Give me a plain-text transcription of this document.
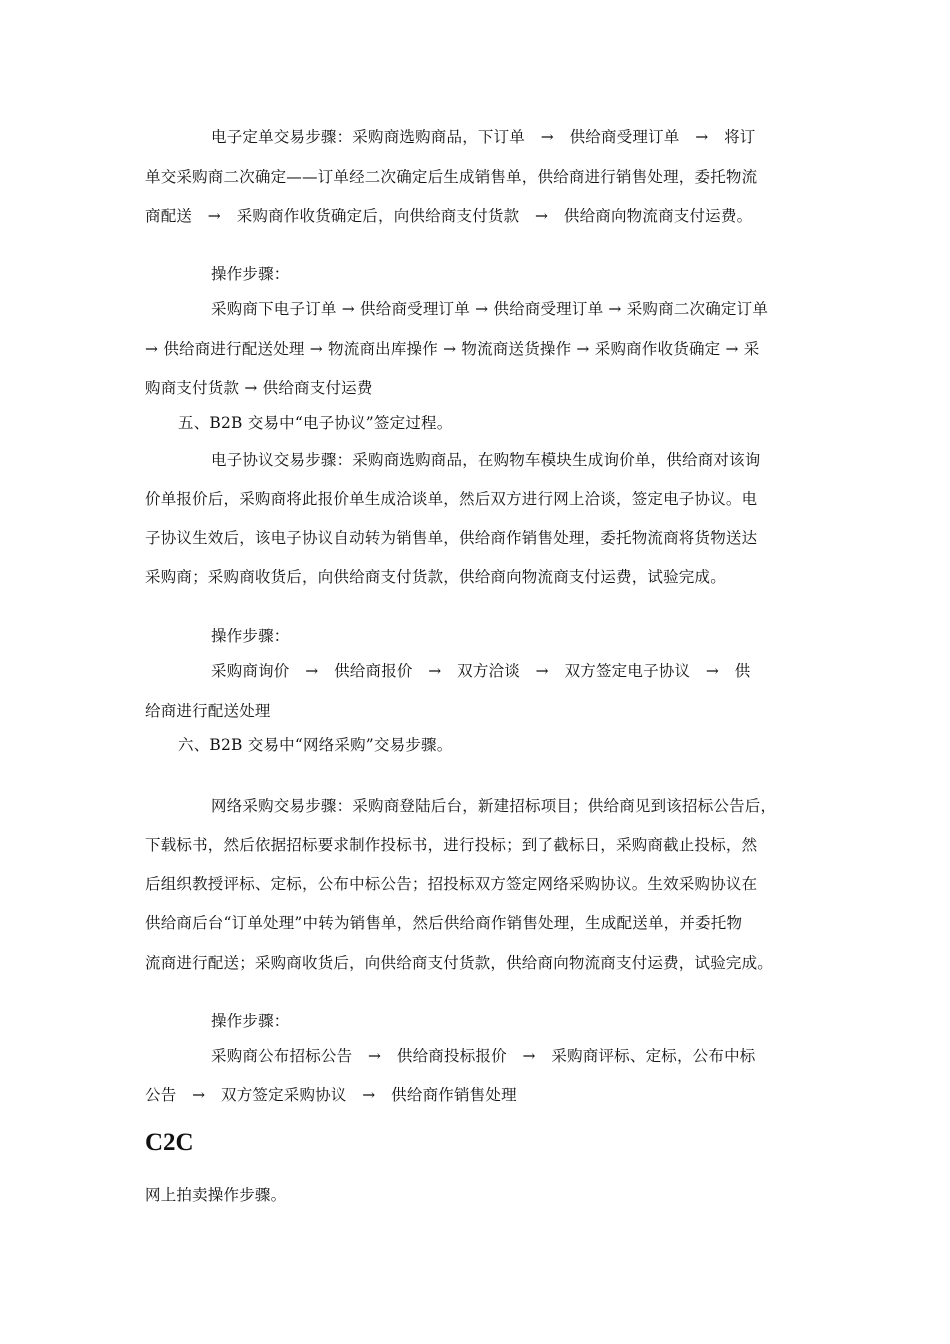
电子定单交易步骤：采购商选购商品，下订单　→　供给商受理订单　→　将订
单交采购商二次确定——订单经二次确定后生成销售单，供给商进行销售处理，委托物流
商配送　→　采购商作收货确定后，向供给商支付货款　→　供给商向物流商支付运费。
操作步骤：
采购商下电子订单 → 供给商受理订单 → 供给商受理订单 → 采购商二次确定订单
→ 供给商进行配送处理 → 物流商出库操作 → 物流商送货操作 → 采购商作收货确定 → 采
购商支付货款 → 供给商支付运费
五、B2B 交易中“电子协议”签定过程。
电子协议交易步骤：采购商选购商品，在购物车模块生成询价单，供给商对该询
价单报价后，采购商将此报价单生成洽谈单，然后双方进行网上洽谈，签定电子协议。电
子协议生效后，该电子协议自动转为销售单，供给商作销售处理，委托物流商将货物送达
采购商；采购商收货后，向供给商支付货款，供给商向物流商支付运费，试验完成。
操作步骤：
采购商询价　→　供给商报价　→　双方洽谈　→　双方签定电子协议　→　供
给商进行配送处理
六、B2B 交易中“网络采购”交易步骤。
网络采购交易步骤：采购商登陆后台，新建招标项目；供给商见到该招标公告后，
下载标书，然后依据招标要求制作投标书，进行投标；到了截标日，采购商截止投标，然
后组织教授评标、定标，公布中标公告；招投标双方签定网络采购协议。生效采购协议在
供给商后台“订单处理”中转为销售单，然后供给商作销售处理，生成配送单，并委托物
流商进行配送；采购商收货后，向供给商支付货款，供给商向物流商支付运费，试验完成。
操作步骤：
采购商公布招标公告　→　供给商投标报价　→　采购商评标、定标，公布中标
公告　→　双方签定采购协议　→　供给商作销售处理
C2C
网上拍卖操作步骤。
